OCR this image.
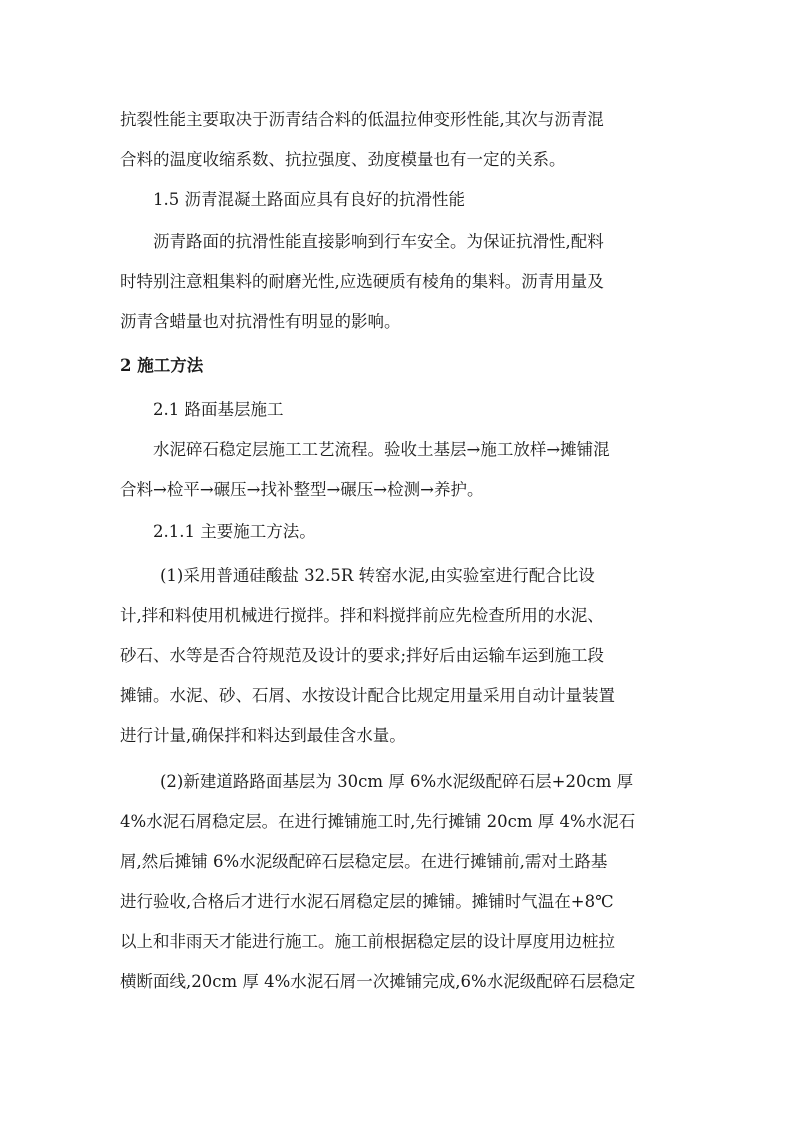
抗裂性能主要取决于沥青结合料的低温拉伸变形性能,其次与沥青混
合料的温度收缩系数、抗拉强度、劲度模量也有一定的关系。
1.5 沥青混凝土路面应具有良好的抗滑性能
沥青路面的抗滑性能直接影响到行车安全。为保证抗滑性,配料
时特别注意粗集料的耐磨光性,应选硬质有棱角的集料。沥青用量及
沥青含蜡量也对抗滑性有明显的影响。
2 施工方法
2.1 路面基层施工
水泥碎石稳定层施工工艺流程。验收土基层→施工放样→摊铺混
合料→检平→碾压→找补整型→碾压→检测→养护。
2.1.1 主要施工方法。
(1)采用普通硅酸盐 32.5R 转窑水泥,由实验室进行配合比设
计,拌和料使用机械进行搅拌。拌和料搅拌前应先检查所用的水泥、
砂石、水等是否合符规范及设计的要求;拌好后由运输车运到施工段
摊铺。水泥、砂、石屑、水按设计配合比规定用量采用自动计量装置
进行计量,确保拌和料达到最佳含水量。
(2)新建道路路面基层为 30cm 厚 6%水泥级配碎石层+20cm 厚
4%水泥石屑稳定层。在进行摊铺施工时,先行摊铺 20cm 厚 4%水泥石
屑,然后摊铺 6%水泥级配碎石层稳定层。在进行摊铺前,需对土路基
进行验收,合格后才进行水泥石屑稳定层的摊铺。摊铺时气温在+8℃
以上和非雨天才能进行施工。施工前根据稳定层的设计厚度用边桩拉
横断面线,20cm 厚 4%水泥石屑一次摊铺完成,6%水泥级配碎石层稳定
